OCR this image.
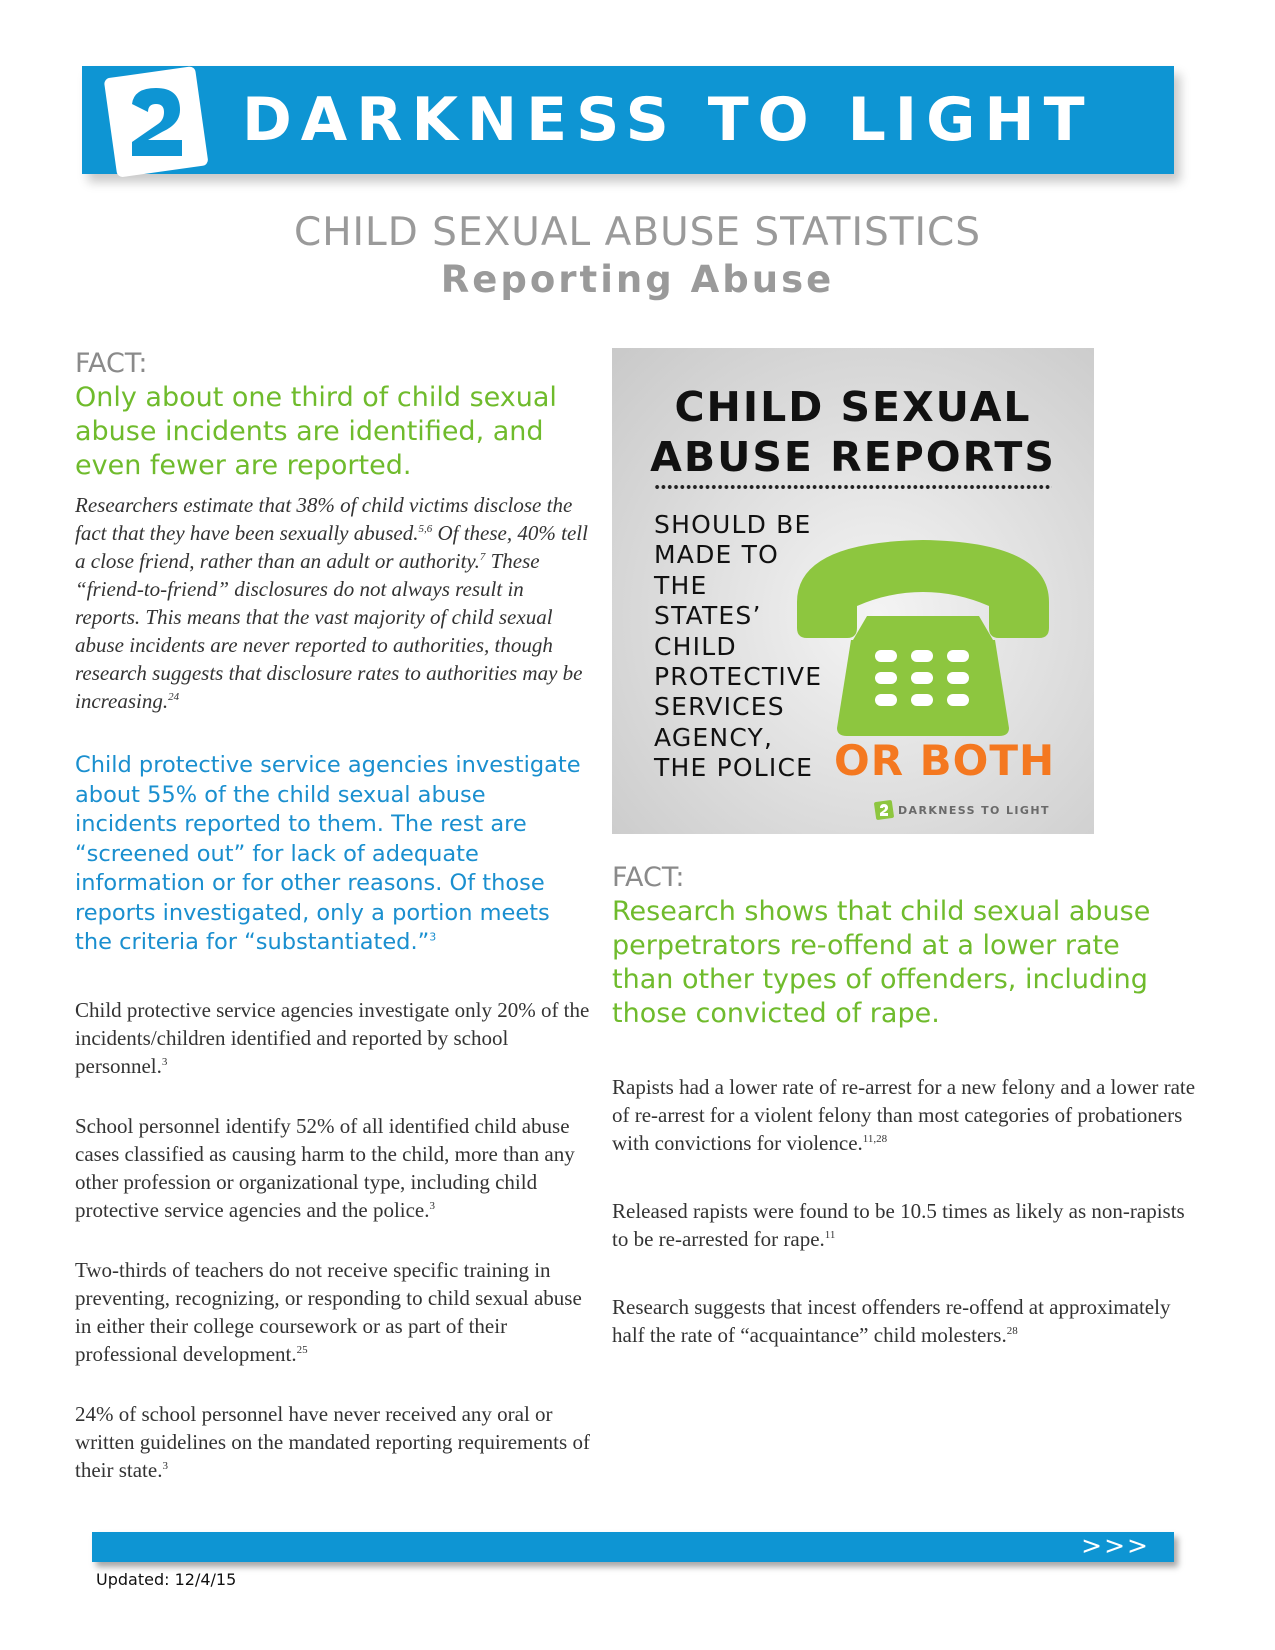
DARKNESS TO LIGHT
CHILD SEXUAL ABUSE STATISTICS
Reporting Abuse
FACT:
Only about one third of child sexual abuse incidents are identified, and even fewer are reported.

Researchers estimate that 38% of child victims disclose the fact that they have been sexually abused.$^{5,6}$ Of these, 40% tell a close friend, rather than an adult or authority.$^7$ These “friend-to-friend” disclosures do not always result in reports. This means that the vast majority of child sexual abuse incidents are never reported to authorities, though research suggests that disclosure rates to authorities may be increasing.$^{24}$

Child protective service agencies investigate about 55% of the child sexual abuse incidents reported to them. The rest are “screened out” for lack of adequate information or for other reasons. Of those reports investigated, only a portion meets the criteria for “substantiated.”$^3$

Child protective service agencies investigate only 20% of the incidents/children identified and reported by school personnel.$^3$

School personnel identify 52% of all identified child abuse cases classified as causing harm to the child, more than any other profession or organizational type, including child protective service agencies and the police.$^3$

Two-thirds of teachers do not receive specific training in preventing, recognizing, or responding to child sexual abuse in either their college coursework or as part of their professional development.$^{25}$

24% of school personnel have never received any oral or written guidelines on the mandated reporting requirements of their state.$^3$

CHILD SEXUAL
ABUSE REPORTS
SHOULD BE
MADE TO
THE
STATES’
CHILD
PROTECTIVE
SERVICES
AGENCY,
THE POLICE OR BOTH
DARKNESS TO LIGHT
FACT:
Research shows that child sexual abuse perpetrators re-offend at a lower rate than other types of offenders, including those convicted of rape.

Rapists had a lower rate of re-arrest for a new felony and a lower rate of re-arrest for a violent felony than most categories of probationers with convictions for violence.$^{11,28}$

Released rapists were found to be 10.5 times as likely as non-rapists to be re-arrested for rape.$^{11}$

Research suggests that incest offenders re-offend at approximately half the rate of “acquaintance” child molesters.$^{28}$

>>>
Updated: 12/4/15
